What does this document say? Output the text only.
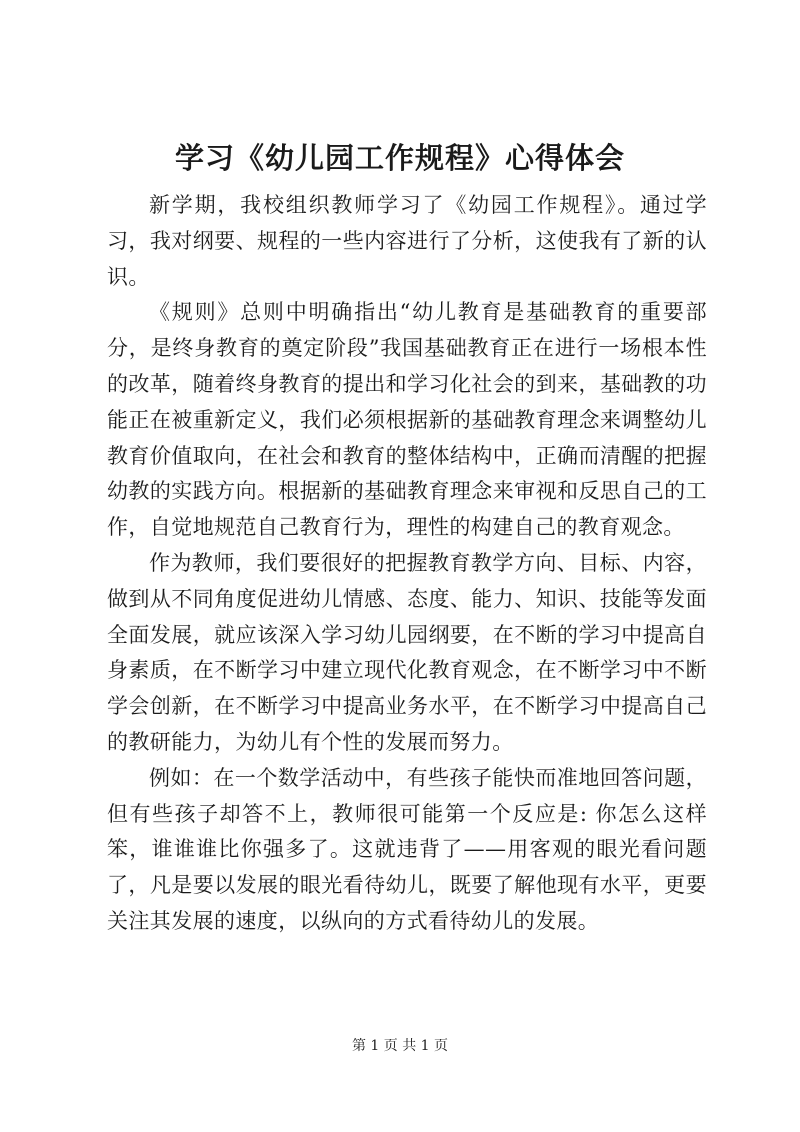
学习《幼儿园工作规程》心得体会

新学期，我校组织教师学习了《幼园工作规程》。通过学习，我对纲要、规程的一些内容进行了分析，这使我有了新的认识。

《规则》总则中明确指出“幼儿教育是基础教育的重要部分，是终身教育的奠定阶段”我国基础教育正在进行一场根本性的改革，随着终身教育的提出和学习化社会的到来，基础教的功能正在被重新定义，我们必须根据新的基础教育理念来调整幼儿教育价值取向，在社会和教育的整体结构中，正确而清醒的把握幼教的实践方向。根据新的基础教育理念来审视和反思自己的工作，自觉地规范自己教育行为，理性的构建自己的教育观念。

作为教师，我们要很好的把握教育教学方向、目标、内容，做到从不同角度促进幼儿情感、态度、能力、知识、技能等发面全面发展，就应该深入学习幼儿园纲要，在不断的学习中提高自身素质，在不断学习中建立现代化教育观念，在不断学习中不断学会创新，在不断学习中提高业务水平，在不断学习中提高自己的教研能力，为幼儿有个性的发展而努力。

例如：在一个数学活动中，有些孩子能快而准地回答问题，但有些孩子却答不上，教师很可能第一个反应是: 你怎么这样笨，谁谁谁比你强多了。这就违背了——用客观的眼光看问题了，凡是要以发展的眼光看待幼儿，既要了解他现有水平，更要关注其发展的速度，以纵向的方式看待幼儿的发展。

第 1 页 共 1 页
